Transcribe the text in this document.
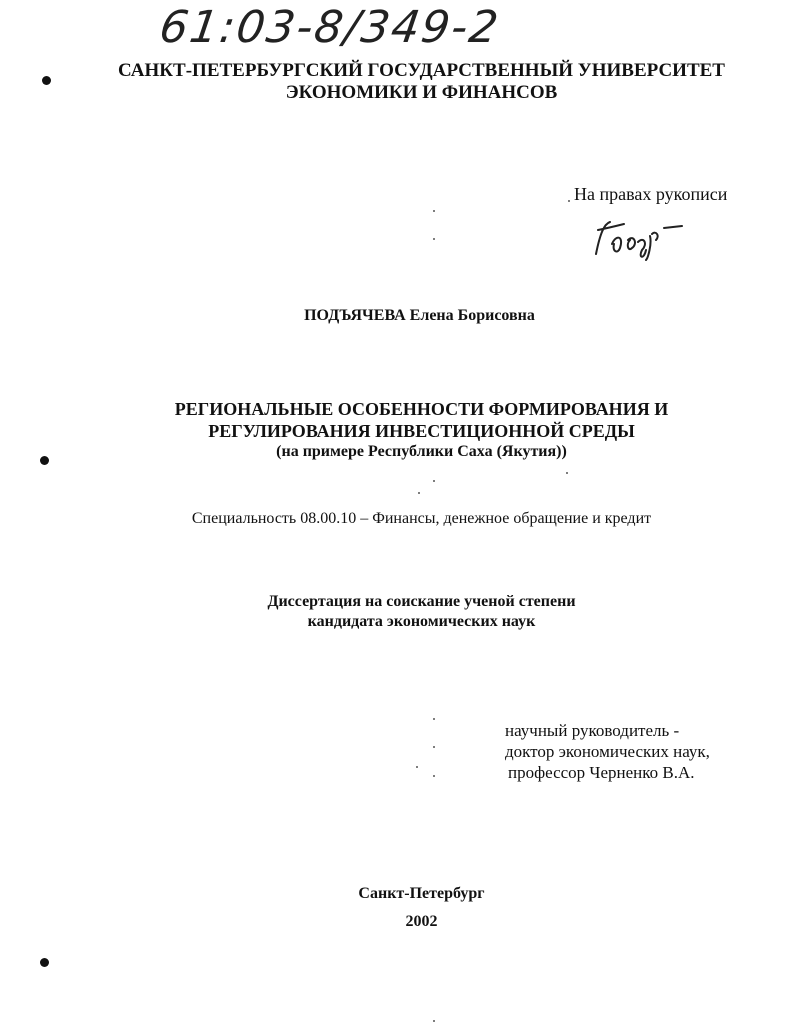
61:03-8/349-2
САНКТ-ПЕТЕРБУРГСКИЙ ГОСУДАРСТВЕННЫЙ УНИВЕРСИТЕТ
ЭКОНОМИКИ И ФИНАНСОВ
На правах рукописи
ПОДЪЯЧЕВА Елена Борисовна
РЕГИОНАЛЬНЫЕ ОСОБЕННОСТИ ФОРМИРОВАНИЯ И
РЕГУЛИРОВАНИЯ ИНВЕСТИЦИОННОЙ СРЕДЫ
(на примере Республики Саха (Якутия))
Специальность 08.00.10 – Финансы, денежное обращение и кредит
Диссертация на соискание ученой степени
кандидата экономических наук
научный руководитель -
доктор экономических наук,
профессор Черненко В.А.
Санкт-Петербург
2002
